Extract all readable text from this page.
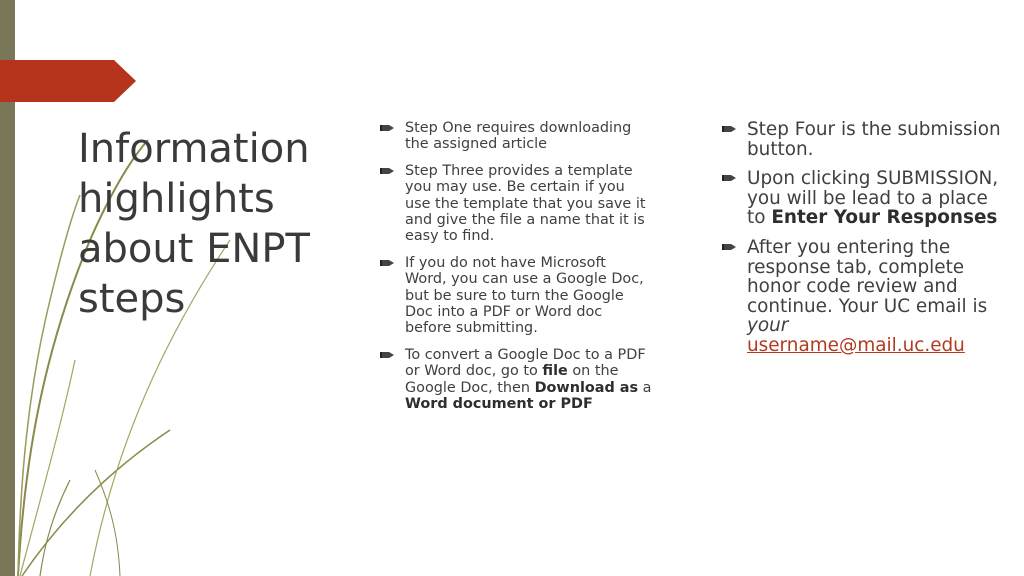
Information
highlights
about ENPT
steps
Step One requires downloading the assigned article
Step Three provides a template you may use. Be certain if you use the template that you save it and give the file a name that it is easy to find.
If you do not have Microsoft Word, you can use a Google Doc, but be sure to turn the Google Doc into a PDF or Word doc before submitting.
To convert a Google Doc to a PDF or Word doc, go to file on the Google Doc, then Download as a Word document or PDF
Step Four is the submission button.
Upon clicking SUBMISSION, you will be lead to a place to Enter Your Responses
After you entering the response tab, complete honor code review and continue. Your UC email is your username@mail.uc.edu
